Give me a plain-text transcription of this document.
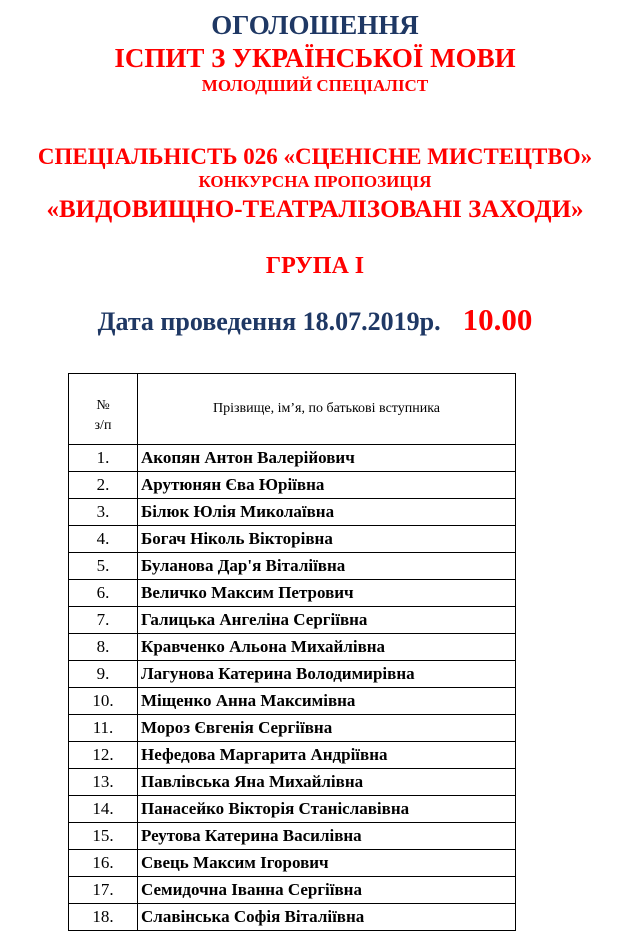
ОГОЛОШЕННЯ
ІСПИТ З УКРАЇНСЬКОЇ МОВИ
МОЛОДШИЙ СПЕЦІАЛІСТ
СПЕЦІАЛЬНІСТЬ 026 «СЦЕНІСНЕ МИСТЕЦТВО»
КОНКУРСНА ПРОПОЗИЦІЯ
«ВИДОВИЩНО-ТЕАТРАЛІЗОВАНІ ЗАХОДИ»
ГРУПА І
Дата проведення 18.07.2019р. 10.00
№
з/п	Прізвище, ім’я, по батькові вступника
1.	Акопян Антон Валерійович
2.	Арутюнян Єва Юріївна
3.	Білюк Юлія Миколаївна
4.	Богач Ніколь Вікторівна
5.	Буланова Дар'я Віталіївна
6.	Величко Максим Петрович
7.	Галицька Ангеліна Сергіївна
8.	Кравченко Альона Михайлівна
9.	Лагунова Катерина Володимирівна
10.	Міщенко Анна Максимівна
11.	Мороз Євгенія Сергіївна
12.	Нефедова Маргарита Андріївна
13.	Павлівська Яна Михайлівна
14.	Панасейко Вікторія Станіславівна
15.	Реутова Катерина Василівна
16.	Свець Максим Ігорович
17.	Семидочна Іванна Сергіївна
18.	Славінська Софія Віталіївна
